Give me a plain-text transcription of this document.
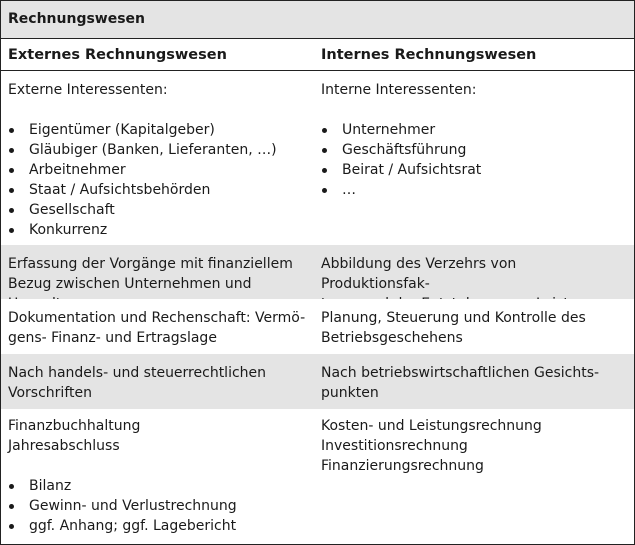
Rechnungswesen
Externes Rechnungswesen	Internes Rechnungswesen
Externe Interessenten:
Eigentümer (Kapitalgeber)
Gläubiger (Banken, Lieferanten, …)
Arbeitnehmer
Staat / Aufsichtsbehörden
Gesellschaft
Konkurrenz
Interne Interessenten:
Unternehmer
Geschäftsführung
Beirat / Aufsichtsrat
…
Erfassung der Vorgänge mit finanziellem
Bezug zwischen Unternehmen und
Abbildung des Verzehrs von Produktionsfak-
Dokumentation und Rechenschaft: Vermö-
gens- Finanz- und Ertragslage
Planung, Steuerung und Kontrolle des
Betriebsgeschehens
Nach handels- und steuerrechtlichen
Vorschriften
Nach betriebswirtschaftlichen Gesichts-
punkten
Finanzbuchhaltung
Jahresabschluss
Bilanz
Gewinn- und Verlustrechnung
ggf. Anhang; ggf. Lagebericht
Kosten- und Leistungsrechnung
Investitionsrechnung
Finanzierungsrechnung
